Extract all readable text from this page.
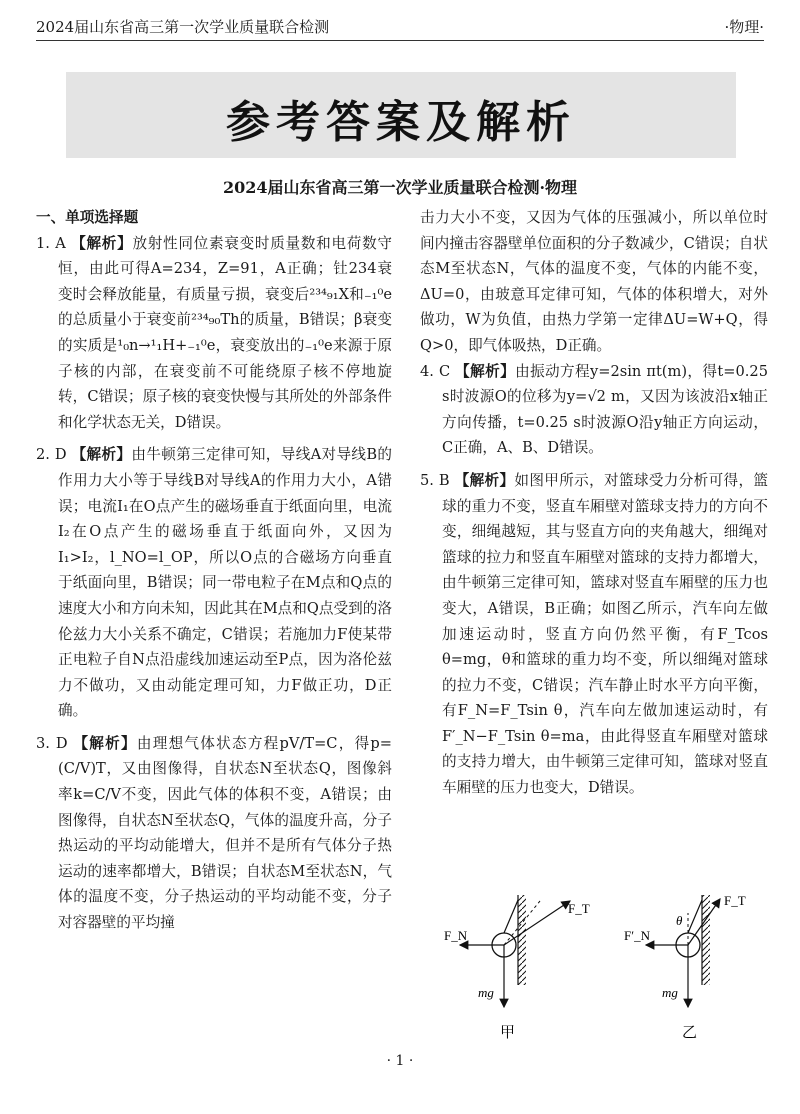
2024届山东省高三第一次学业质量联合检测	·物理·
参考答案及解析
2024届山东省高三第一次学业质量联合检测·物理

一、单项选择题

1. A 【解析】放射性同位素衰变时质量数和电荷数守恒，由此可得A=234，Z=91，A正确；钍234衰变时会释放能量，有质量亏损，衰变后²³⁴₉₁X和₋₁⁰e的总质量小于衰变前²³⁴₉₀Th的质量，B错误；β衰变的实质是¹₀n→¹₁H+₋₁⁰e，衰变放出的₋₁⁰e来源于原子核的内部，在衰变前不可能绕原子核不停地旋转，C错误；原子核的衰变快慢与其所处的外部条件和化学状态无关，D错误。

2. D 【解析】由牛顿第三定律可知，导线A对导线B的作用力大小等于导线B对导线A的作用力大小，A错误；电流I₁在O点产生的磁场垂直于纸面向里，电流I₂在O点产生的磁场垂直于纸面向外，又因为I₁>I₂，l_NO=l_OP，所以O点的合磁场方向垂直于纸面向里，B错误；同一带电粒子在M点和Q点的速度大小和方向未知，因此其在M点和Q点受到的洛伦兹力大小关系不确定，C错误；若施加力F使某带正电粒子自N点沿虚线加速运动至P点，因为洛伦兹力不做功，又由动能定理可知，力F做正功，D正确。

3. D 【解析】由理想气体状态方程pV/T=C，得p=(C/V)T，又由图像得，自状态N至状态Q，图像斜率k=C/V不变，因此气体的体积不变，A错误；由图像得，自状态N至状态Q，气体的温度升高，分子热运动的平均动能增大，但并不是所有气体分子热运动的速率都增大，B错误；自状态M至状态N，气体的温度不变，分子热运动的平均动能不变，分子对容器壁的平均撞

击力大小不变，又因为气体的压强减小，所以单位时间内撞击容器壁单位面积的分子数减少，C错误；自状态M至状态N，气体的温度不变，气体的内能不变，ΔU=0，由玻意耳定律可知，气体的体积增大，对外做功，W为负值，由热力学第一定律ΔU=W+Q，得Q>0，即气体吸热，D正确。

4. C 【解析】由振动方程y=2sin πt(m)，得t=0.25 s时波源O的位移为y=√2 m，又因为该波沿x轴正方向传播，t=0.25 s时波源O沿y轴正方向运动，C正确，A、B、D错误。

5. B 【解析】如图甲所示，对篮球受力分析可得，篮球的重力不变，竖直车厢壁对篮球支持力的方向不变，细绳越短，其与竖直方向的夹角越大，细绳对篮球的拉力和竖直车厢壁对篮球的支持力都增大，由牛顿第三定律可知，篮球对竖直车厢壁的压力也变大，A错误，B正确；如图乙所示，汽车向左做加速运动时，竖直方向仍然平衡，有F_Tcos θ=mg，θ和篮球的重力均不变，所以细绳对篮球的拉力不变，C错误；汽车静止时水平方向平衡，有F_N=F_Tsin θ，汽车向左做加速运动时，有F′_N−F_Tsin θ=ma，由此得竖直车厢壁对篮球的支持力增大，由牛顿第三定律可知，篮球对竖直车厢壁的压力也变大，D错误。

F_N
F_T
mg
甲
θ
F′_N
F_T
mg
乙
· 1 ·
